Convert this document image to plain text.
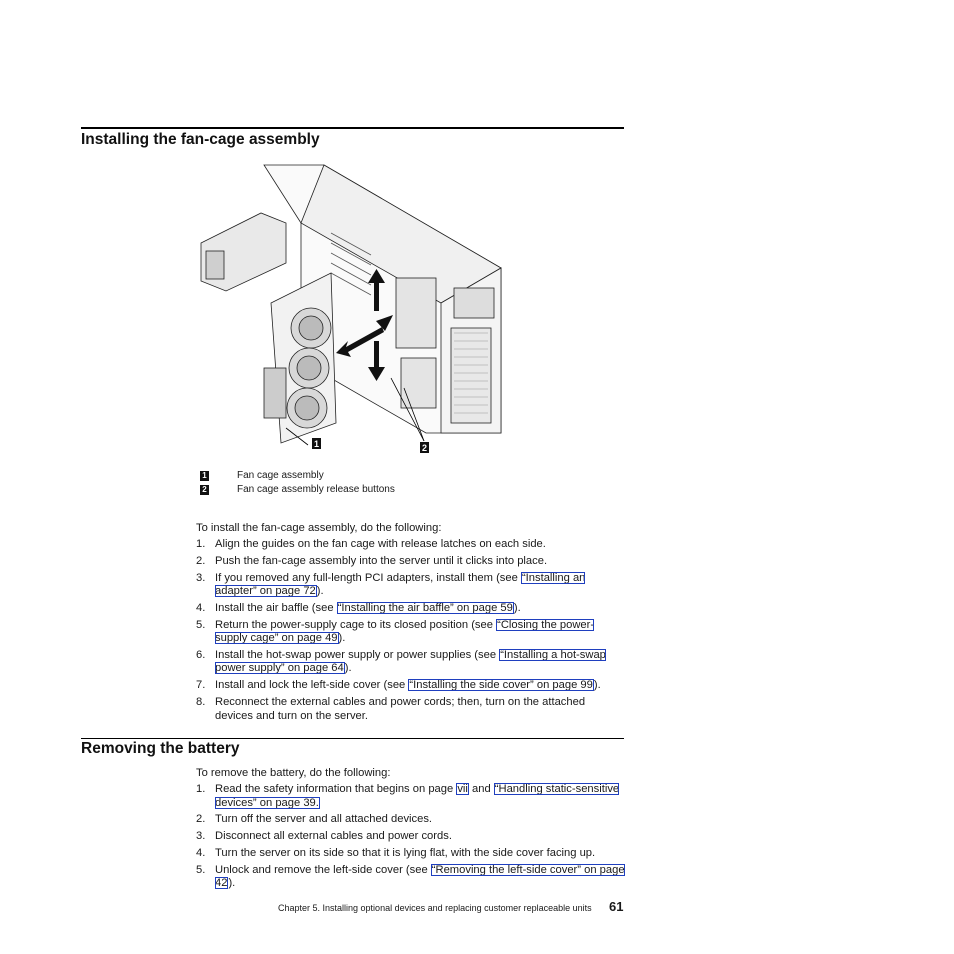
Installing the fan-cage assembly
1	2
1	Fan cage assembly
2	Fan cage assembly release buttons

To install the fan-cage assembly, do the following:

1. Align the guides on the fan cage with release latches on each side.
2. Push the fan-cage assembly into the server until it clicks into place.
3. If you removed any full-length PCI adapters, install them (see “Installing an adapter” on page 72).
4. Install the air baffle (see “Installing the air baffle” on page 59).
5. Return the power-supply cage to its closed position (see “Closing the power-supply cage” on page 49).
6. Install the hot-swap power supply or power supplies (see “Installing a hot-swap power supply” on page 64).
7. Install and lock the left-side cover (see “Installing the side cover” on page 99).
8. Reconnect the external cables and power cords; then, turn on the attached devices and turn on the server.
Removing the battery

To remove the battery, do the following:

1. Read the safety information that begins on page vii and “Handling static-sensitive devices” on page 39.
2. Turn off the server and all attached devices.
3. Disconnect all external cables and power cords.
4. Turn the server on its side so that it is lying flat, with the side cover facing up.
5. Unlock and remove the left-side cover (see “Removing the left-side cover” on page 42).
Chapter 5. Installing optional devices and replacing customer replaceable units 61
